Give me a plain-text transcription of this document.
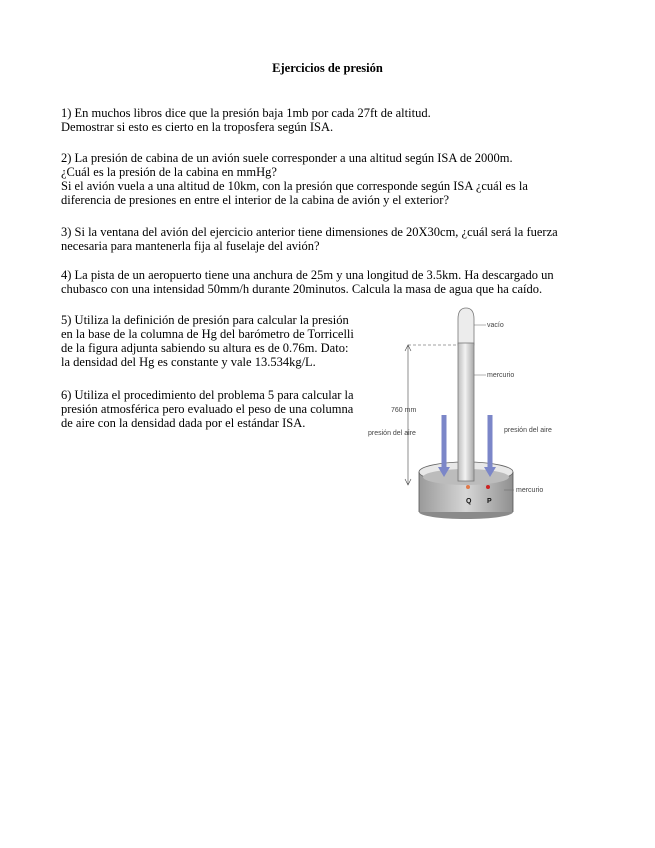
Ejercicios de presión
1) En muchos libros dice que la presión baja 1mb por cada 27ft de altitud.
Demostrar si esto es cierto en la troposfera según ISA.
2) La presión de cabina de un avión suele corresponder a una altitud según ISA de 2000m.
¿Cuál es la presión de la cabina en mmHg?
Si el avión vuela a una altitud de 10km, con la presión que corresponde según ISA ¿cuál es la
diferencia de presiones en entre el interior de la cabina de avión y el exterior?
3) Si la ventana del avión del ejercicio anterior tiene dimensiones de 20X30cm, ¿cuál será la fuerza
necesaria para mantenerla fija al fuselaje del avión?
4) La pista de un aeropuerto tiene una anchura de 25m y una longitud de 3.5km. Ha descargado un
chubasco con una intensidad 50mm/h durante 20minutos. Calcula la masa de agua que ha caído.
5) Utiliza la definición de presión para calcular la presión
en la base de la columna de Hg del barómetro de Torricelli
de la figura adjunta sabiendo su altura es de 0.76m. Dato:
la densidad del Hg es constante y vale 13.534kg/L.
6) Utiliza el procedimiento del problema 5 para calcular la
presión atmosférica pero evaluado el peso de una columna
de aire con la densidad dada por el estándar ISA.
760 mm
Q P
vacío
mercurio
presión del aire	presión del aire
mercurio
